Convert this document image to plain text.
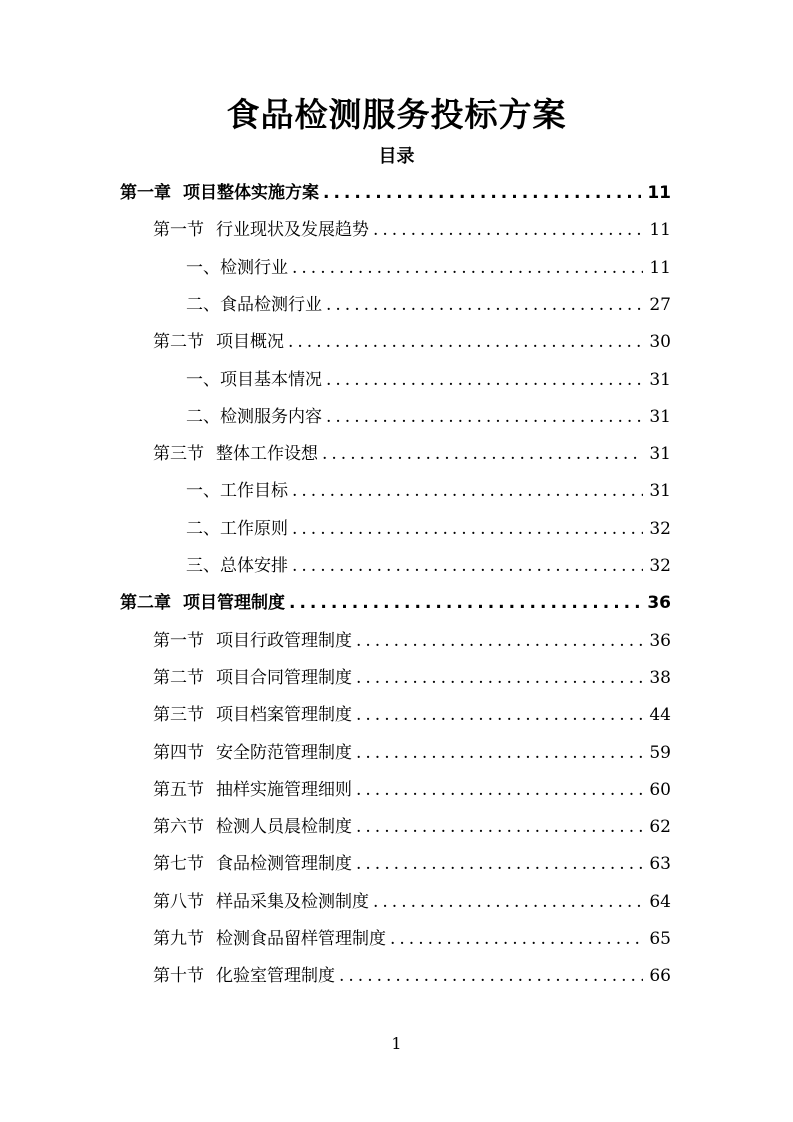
食品检测服务投标方案
目录
第一章 项目整体实施方案 .....	11
第一节 行业现状及发展趋势 .....	11
一、 检测行业 .....	11
二、 食品检测行业 .....	27
第二节 项目概况 .....	30
一、 项目基本情况 .....	31
二、 检测服务内容 .....	31
第三节 整体工作设想 .....	31
一、 工作目标 .....	31
二、 工作原则 .....	32
三、 总体安排 .....	32
第二章 项目管理制度 .....	36
第一节 项目行政管理制度 .....	36
第二节 项目合同管理制度 .....	38
第三节 项目档案管理制度 .....	44
第四节 安全防范管理制度 .....	59
第五节 抽样实施管理细则 .....	60
第六节 检测人员晨检制度 .....	62
第七节 食品检测管理制度 .....	63
第八节 样品采集及检测制度 .....	64
第九节 检测食品留样管理制度 .....	65
第十节 化验室管理制度 .....	66
1
